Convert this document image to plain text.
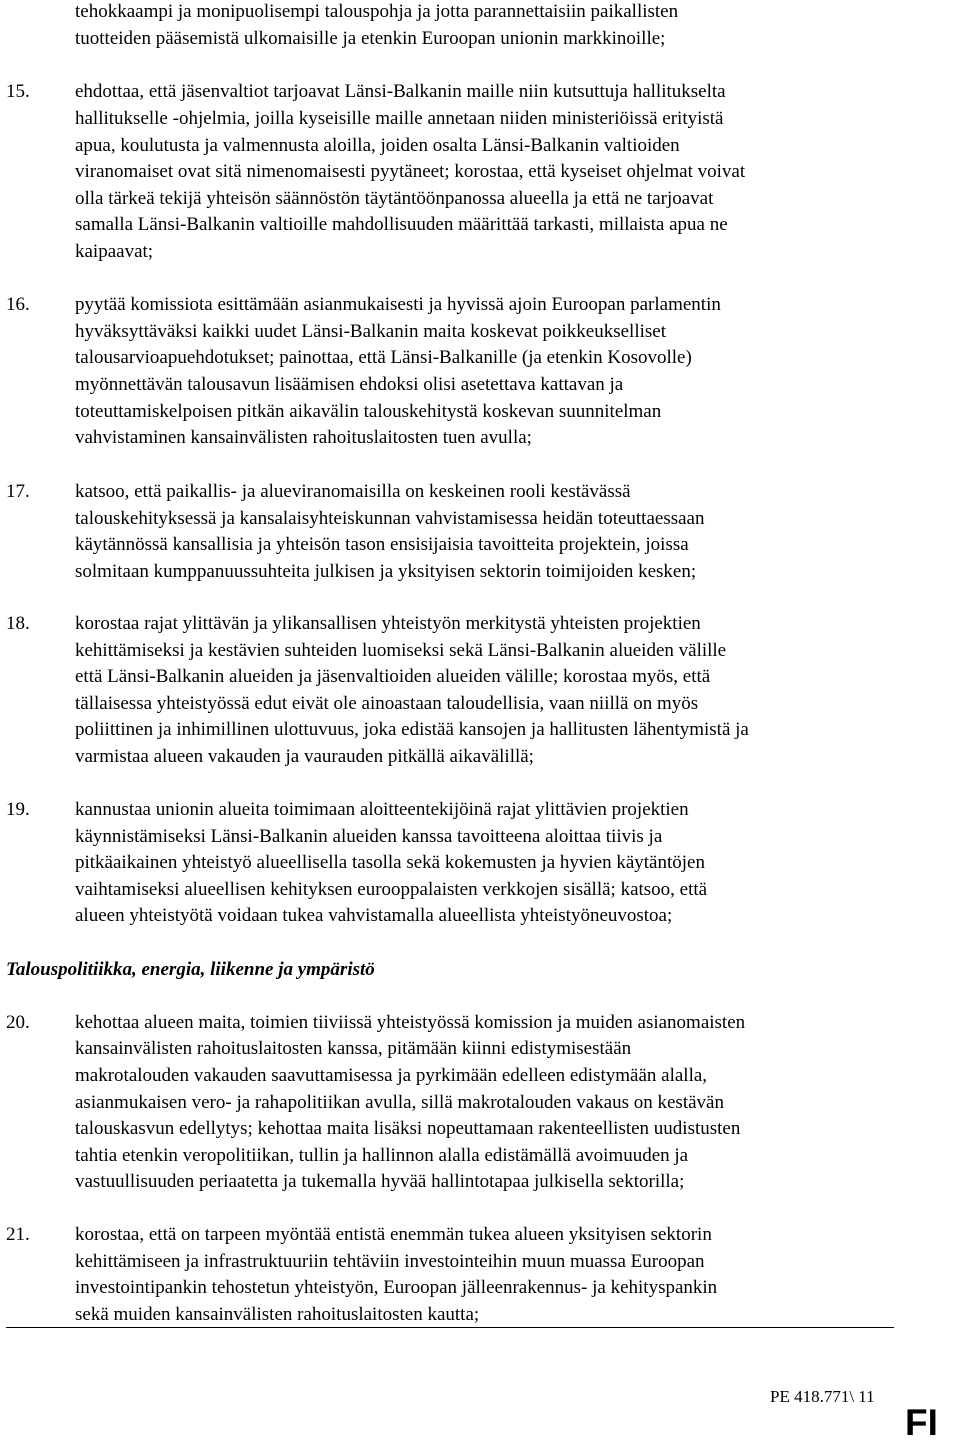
tehokkaampi ja monipuolisempi talouspohja ja jotta parannettaisiin paikallisten
tuotteiden pääsemistä ulkomaisille ja etenkin Euroopan unionin markkinoille;
15. ehdottaa, että jäsenvaltiot tarjoavat Länsi-Balkanin maille niin kutsuttuja hallitukselta
hallitukselle -ohjelmia, joilla kyseisille maille annetaan niiden ministeriöissä erityistä
apua, koulutusta ja valmennusta aloilla, joiden osalta Länsi-Balkanin valtioiden
viranomaiset ovat sitä nimenomaisesti pyytäneet; korostaa, että kyseiset ohjelmat voivat
olla tärkeä tekijä yhteisön säännöstön täytäntöönpanossa alueella ja että ne tarjoavat
samalla Länsi-Balkanin valtioille mahdollisuuden määrittää tarkasti, millaista apua ne
kaipaavat;
16. pyytää komissiota esittämään asianmukaisesti ja hyvissä ajoin Euroopan parlamentin
hyväksyttäväksi kaikki uudet Länsi-Balkanin maita koskevat poikkeukselliset
talousarvioapuehdotukset; painottaa, että Länsi-Balkanille (ja etenkin Kosovolle)
myönnettävän talousavun lisäämisen ehdoksi olisi asetettava kattavan ja
toteuttamiskelpoisen pitkän aikavälin talouskehitystä koskevan suunnitelman
vahvistaminen kansainvälisten rahoituslaitosten tuen avulla;
17. katsoo, että paikallis- ja alueviranomaisilla on keskeinen rooli kestävässä
talouskehityksessä ja kansalaisyhteiskunnan vahvistamisessa heidän toteuttaessaan
käytännössä kansallisia ja yhteisön tason ensisijaisia tavoitteita projektein, joissa
solmitaan kumppanuussuhteita julkisen ja yksityisen sektorin toimijoiden kesken;
18. korostaa rajat ylittävän ja ylikansallisen yhteistyön merkitystä yhteisten projektien
kehittämiseksi ja kestävien suhteiden luomiseksi sekä Länsi-Balkanin alueiden välille
että Länsi-Balkanin alueiden ja jäsenvaltioiden alueiden välille; korostaa myös, että
tällaisessa yhteistyössä edut eivät ole ainoastaan taloudellisia, vaan niillä on myös
poliittinen ja inhimillinen ulottuvuus, joka edistää kansojen ja hallitusten lähentymistä ja
varmistaa alueen vakauden ja vaurauden pitkällä aikavälillä;
19. kannustaa unionin alueita toimimaan aloitteentekijöinä rajat ylittävien projektien
käynnistämiseksi Länsi-Balkanin alueiden kanssa tavoitteena aloittaa tiivis ja
pitkäaikainen yhteistyö alueellisella tasolla sekä kokemusten ja hyvien käytäntöjen
vaihtamiseksi alueellisen kehityksen eurooppalaisten verkkojen sisällä; katsoo, että
alueen yhteistyötä voidaan tukea vahvistamalla alueellista yhteistyöneuvostoa;
Talouspolitiikka, energia, liikenne ja ympäristö
20. kehottaa alueen maita, toimien tiiviissä yhteistyössä komission ja muiden asianomaisten
kansainvälisten rahoituslaitosten kanssa, pitämään kiinni edistymisestään
makrotalouden vakauden saavuttamisessa ja pyrkimään edelleen edistymään alalla,
asianmukaisen vero- ja rahapolitiikan avulla, sillä makrotalouden vakaus on kestävän
talouskasvun edellytys; kehottaa maita lisäksi nopeuttamaan rakenteellisten uudistusten
tahtia etenkin veropolitiikan, tullin ja hallinnon alalla edistämällä avoimuuden ja
vastuullisuuden periaatetta ja tukemalla hyvää hallintotapaa julkisella sektorilla;
21. korostaa, että on tarpeen myöntää entistä enemmän tukea alueen yksityisen sektorin
kehittämiseen ja infrastruktuuriin tehtäviin investointeihin muun muassa Euroopan
investointipankin tehostetun yhteistyön, Euroopan jälleenrakennus- ja kehityspankin
sekä muiden kansainvälisten rahoituslaitosten kautta;
PE 418.771\ 11
FI
